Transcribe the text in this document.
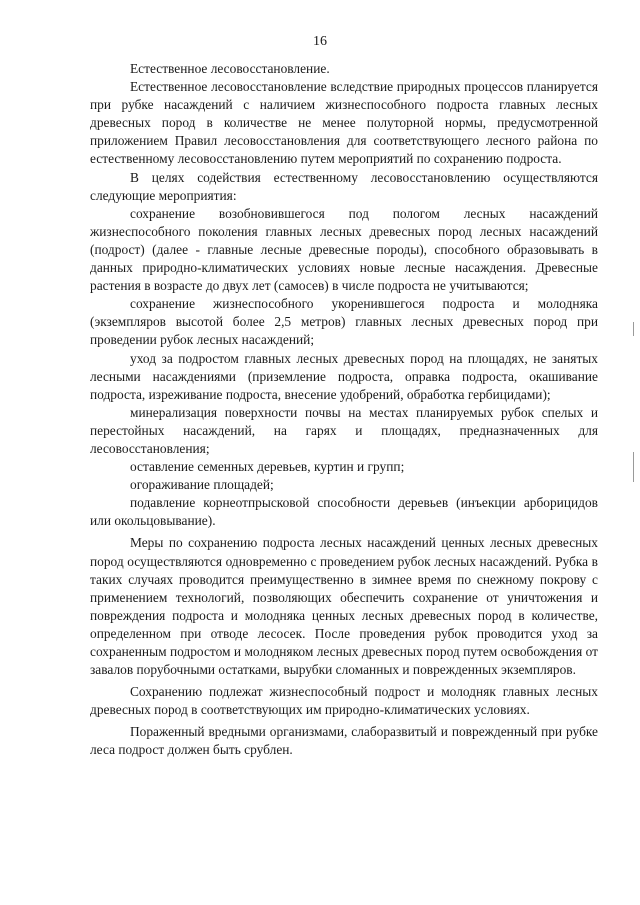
16

Естественное лесовосстановление.

Естественное лесовосстановление вследствие природных процессов планируется при рубке насаждений с наличием жизнеспособного подроста главных лесных древесных пород в количестве не менее полуторной нормы, предусмотренной приложением Правил лесовосстановления для соответствующего лесного района по естественному лесовосстановлению путем мероприятий по сохранению подроста.

В целях содействия естественному лесовосстановлению осуществляются следующие мероприятия:

сохранение возобновившегося под пологом лесных насаждений жизнеспособного поколения главных лесных древесных пород лесных насаждений (подрост) (далее - главные лесные древесные породы), способного образовывать в данных природно-климатических условиях новые лесные насаждения. Древесные растения в возрасте до двух лет (самосев) в числе подроста не учитываются;

сохранение жизнеспособного укоренившегося подроста и молодняка (экземпляров высотой более 2,5 метров) главных лесных древесных пород при проведении рубок лесных насаждений;

уход за подростом главных лесных древесных пород на площадях, не занятых лесными насаждениями (приземление подроста, оправка подроста, окашивание подроста, изреживание подроста, внесение удобрений, обработка гербицидами);

минерализация поверхности почвы на местах планируемых рубок спелых и перестойных насаждений, на гарях и площадях, предназначенных для лесовосстановления;

оставление семенных деревьев, куртин и групп;

огораживание площадей;

подавление корнеотпрысковой способности деревьев (инъекции арборицидов или окольцовывание).

Меры по сохранению подроста лесных насаждений ценных лесных древесных пород осуществляются одновременно с проведением рубок лесных насаждений. Рубка в таких случаях проводится преимущественно в зимнее время по снежному покрову с применением технологий, позволяющих обеспечить сохранение от уничтожения и повреждения подроста и молодняка ценных лесных древесных пород в количестве, определенном при отводе лесосек. После проведения рубок проводится уход за сохраненным подростом и молодняком лесных древесных пород путем освобождения от завалов порубочными остатками, вырубки сломанных и поврежденных экземпляров.

Сохранению подлежат жизнеспособный подрост и молодняк главных лесных древесных пород в соответствующих им природно-климатических условиях.

Пораженный вредными организмами, слаборазвитый и поврежденный при рубке леса подрост должен быть срублен.
